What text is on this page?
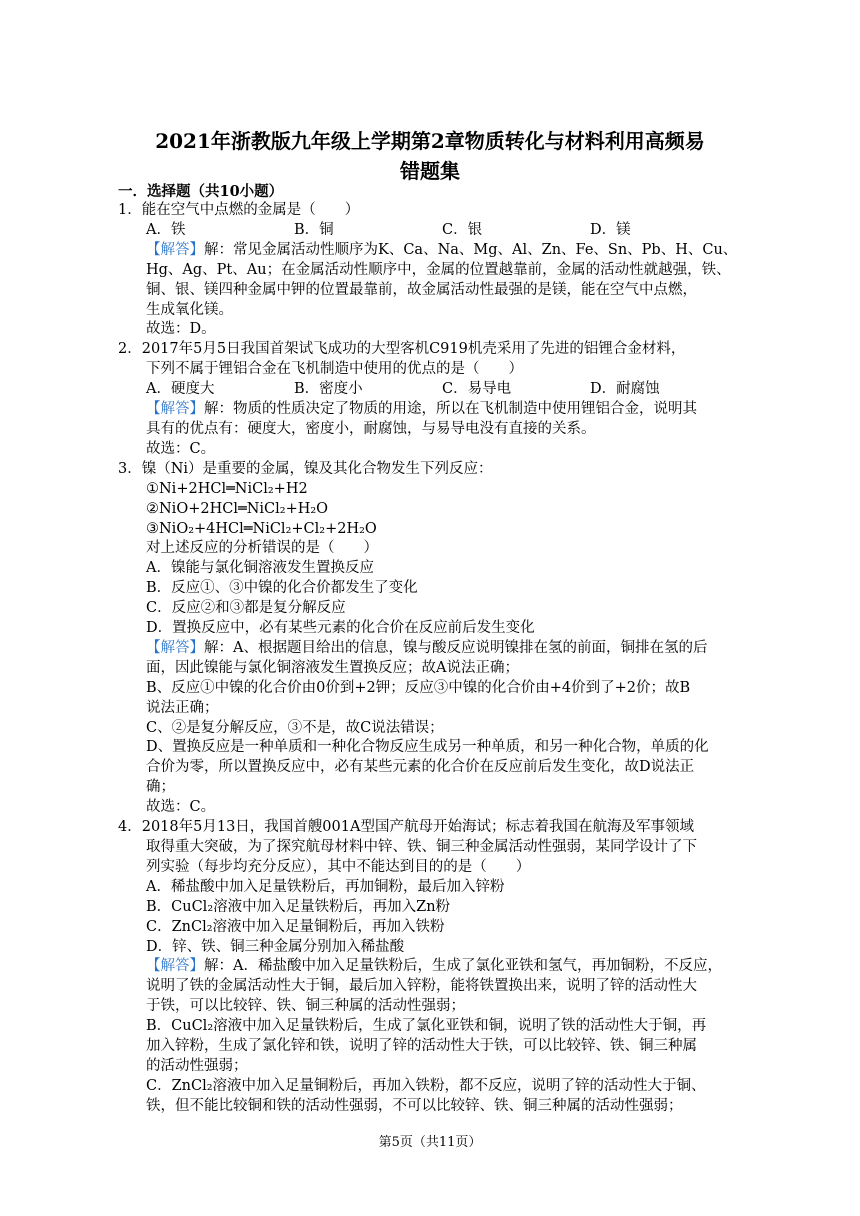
2021年浙教版九年级上学期第2章物质转化与材料利用高频易
错题集
一．选择题（共10小题）
1．能在空气中点燃的金属是（　　）
A．铁	B．铜	C．银	D．镁
【解答】解：常见金属活动性顺序为K、Ca、Na、Mg、Al、Zn、Fe、Sn、Pb、H、Cu、
Hg、Ag、Pt、Au；在金属活动性顺序中，金属的位置越靠前，金属的活动性就越强，铁、
铜、银、镁四种金属中钾的位置最靠前，故金属活动性最强的是镁，能在空气中点燃，
生成氧化镁。
故选：D。
2．2017年5月5日我国首架试飞成功的大型客机C919机壳采用了先进的铝锂合金材料，
下列不属于锂铝合金在飞机制造中使用的优点的是（　　）
A．硬度大	B．密度小	C．易导电	D．耐腐蚀
【解答】解：物质的性质决定了物质的用途，所以在飞机制造中使用锂铝合金，说明其
具有的优点有：硬度大，密度小，耐腐蚀，与易导电没有直接的关系。
故选：C。
3．镍（Ni）是重要的金属，镍及其化合物发生下列反应：
①Ni+2HCl═NiCl₂+H2
②NiO+2HCl═NiCl₂+H₂O
③NiO₂+4HCl═NiCl₂+Cl₂+2H₂O
对上述反应的分析错误的是（　　）
A．镍能与氯化铜溶液发生置换反应
B．反应①、③中镍的化合价都发生了变化
C．反应②和③都是复分解反应
D．置换反应中，必有某些元素的化合价在反应前后发生变化
【解答】解：A、根据题目给出的信息，镍与酸反应说明镍排在氢的前面，铜排在氢的后
面，因此镍能与氯化铜溶液发生置换反应；故A说法正确；
B、反应①中镍的化合价由0价到+2钾；反应③中镍的化合价由+4价到了+2价；故B
说法正确；
C、②是复分解反应，③不是，故C说法错误；
D、置换反应是一种单质和一种化合物反应生成另一种单质，和另一种化合物，单质的化
合价为零，所以置换反应中，必有某些元素的化合价在反应前后发生变化，故D说法正
确；
故选：C。
4．2018年5月13日，我国首艘001A型国产航母开始海试；标志着我国在航海及军事领域
取得重大突破，为了探究航母材料中锌、铁、铜三种金属活动性强弱，某同学设计了下
列实验（每步均充分反应），其中不能达到目的的是（　　）
A．稀盐酸中加入足量铁粉后，再加铜粉，最后加入锌粉
B．CuCl₂溶液中加入足量铁粉后，再加入Zn粉
C．ZnCl₂溶液中加入足量铜粉后，再加入铁粉
D．锌、铁、铜三种金属分别加入稀盐酸
【解答】解：A．稀盐酸中加入足量铁粉后，生成了氯化亚铁和氢气，再加铜粉，不反应，
说明了铁的金属活动性大于铜，最后加入锌粉，能将铁置换出来，说明了锌的活动性大
于铁，可以比较锌、铁、铜三种属的活动性强弱；
B．CuCl₂溶液中加入足量铁粉后，生成了氯化亚铁和铜，说明了铁的活动性大于铜，再
加入锌粉，生成了氯化锌和铁，说明了锌的活动性大于铁，可以比较锌、铁、铜三种属
的活动性强弱；
C．ZnCl₂溶液中加入足量铜粉后，再加入铁粉，都不反应，说明了锌的活动性大于铜、
铁，但不能比较铜和铁的活动性强弱，不可以比较锌、铁、铜三种属的活动性强弱；
第5页（共11页）
